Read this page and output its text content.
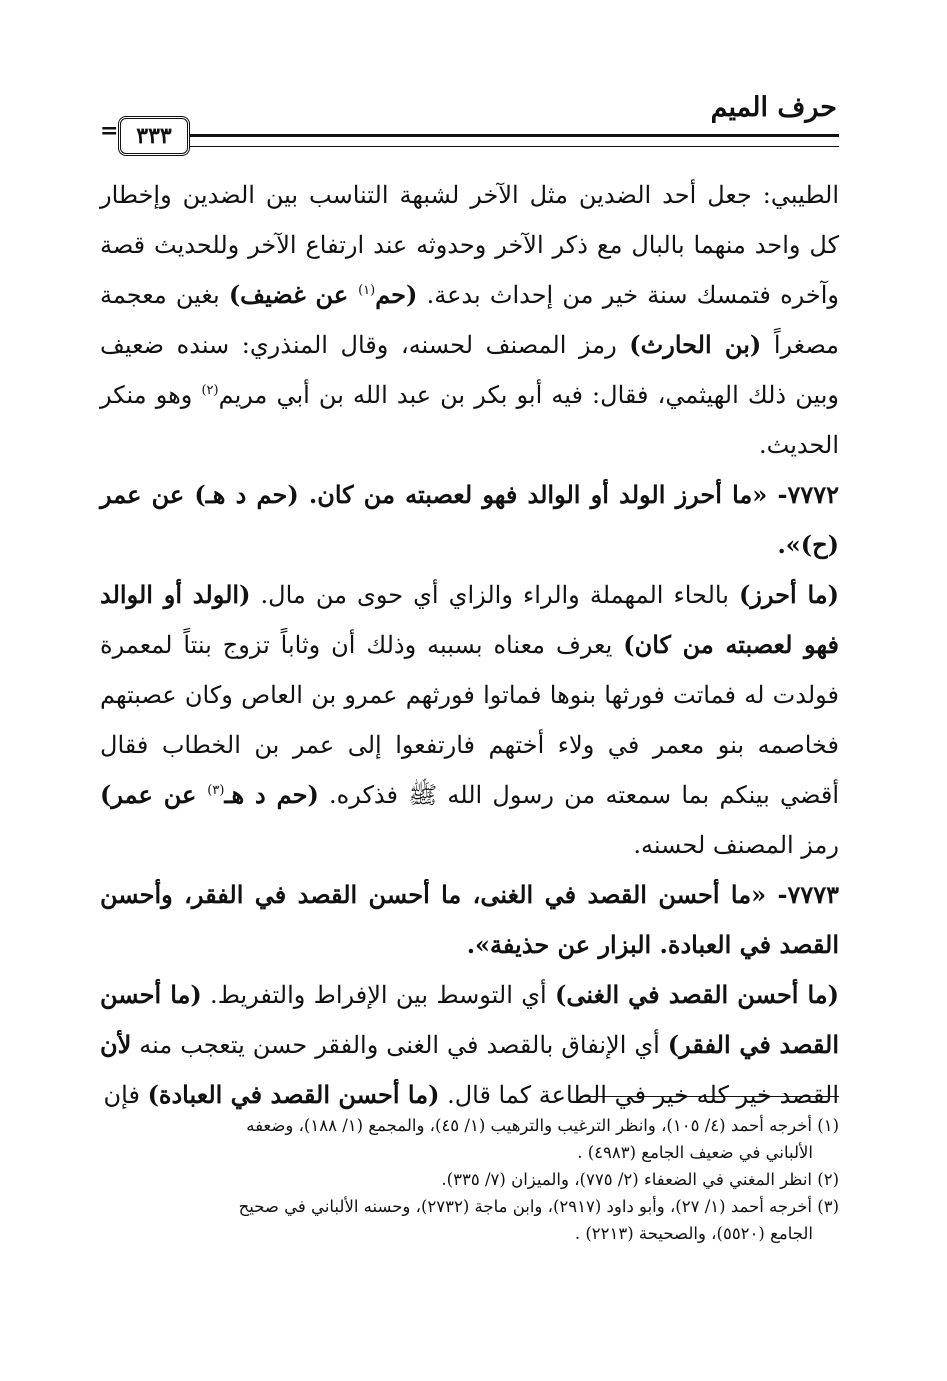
حرف الميم
٣٣٣
=

الطيبي: جعل أحد الضدين مثل الآخر لشبهة التناسب بين الضدين وإخطار كل واحد منهما بالبال مع ذكر الآخر وحدوثه عند ارتفاع الآخر وللحديث قصة وآخره فتمسك سنة خير من إحداث بدعة. (حم$^{(١)}$ عن غضيف) بغين معجمة مصغراً (بن الحارث) رمز المصنف لحسنه، وقال المنذري: سنده ضعيف وبين ذلك الهيثمي، فقال: فيه أبو بكر بن عبد الله بن أبي مريم$^{(٢)}$ وهو منكر الحديث.

٧٧٧٢- «ما أحرز الولد أو الوالد فهو لعصبته من كان. (حم د هـ) عن عمر (ح)».

(ما أحرز) بالحاء المهملة والراء والزاي أي حوى من مال. (الولد أو الوالد فهو لعصبته من كان) يعرف معناه بسببه وذلك أن وثاباً تزوج بنتاً لمعمرة فولدت له فماتت فورثها بنوها فماتوا فورثهم عمرو بن العاص وكان عصبتهم فخاصمه بنو معمر في ولاء أختهم فارتفعوا إلى عمر بن الخطاب فقال أقضي بينكم بما سمعته من رسول الله ﷺ فذكره. (حم د هـ$^{(٣)}$ عن عمر) رمز المصنف لحسنه.

٧٧٧٣- «ما أحسن القصد في الغنى، ما أحسن القصد في الفقر، وأحسن القصد في العبادة. البزار عن حذيفة».

(ما أحسن القصد في الغنى) أي التوسط بين الإفراط والتفريط. (ما أحسن القصد في الفقر) أي الإنفاق بالقصد في الغنى والفقر حسن يتعجب منه لأن القصد خير كله خير في الطاعة كما قال. (ما أحسن القصد في العبادة) فإن

(١) أخرجه أحمد (٤/ ١٠٥)، وانظر الترغيب والترهيب (١/ ٤٥)، والمجمع (١/ ١٨٨)، وضعفه

الألباني في ضعيف الجامع (٤٩٨٣) .

(٢) انظر المغني في الضعفاء (٢/ ٧٧٥)، والميزان (٧/ ٣٣٥).

(٣) أخرجه أحمد (١/ ٢٧)، وأبو داود (٢٩١٧)، وابن ماجة (٢٧٣٢)، وحسنه الألباني في صحيح

الجامع (٥٥٢٠)، والصحيحة (٢٢١٣) .
